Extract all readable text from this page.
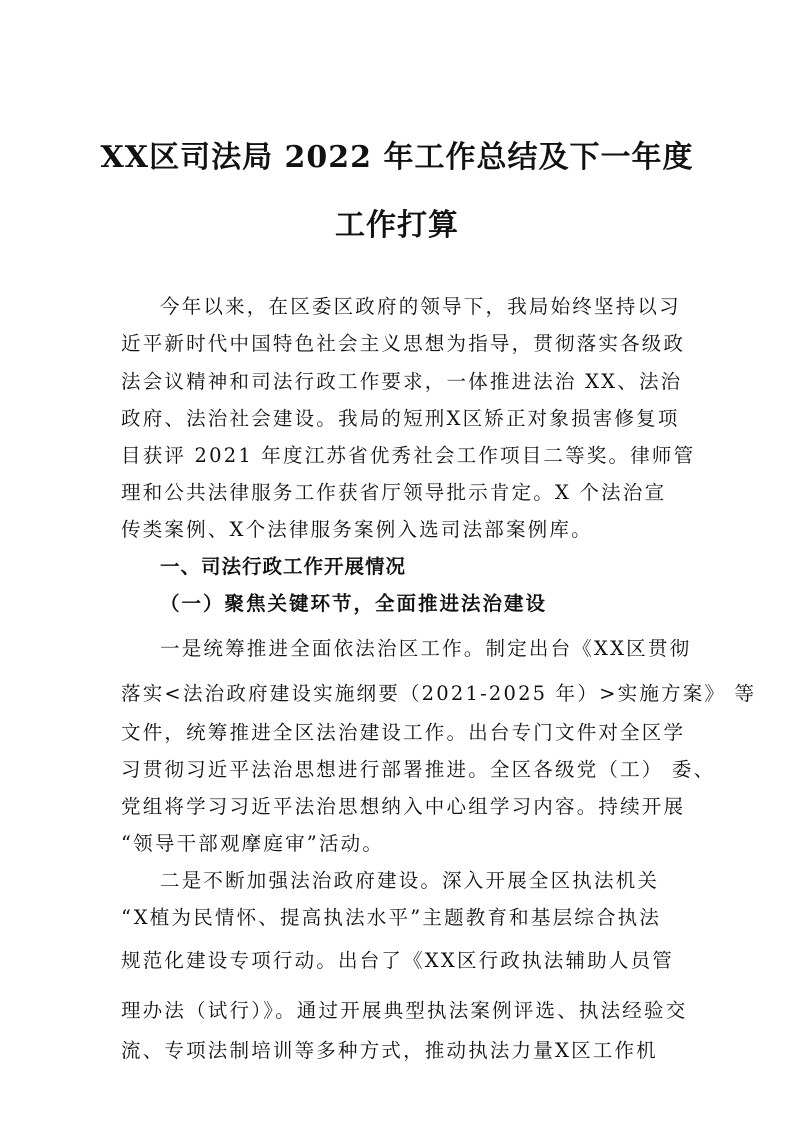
XX区司法局 2022 年工作总结及下一年度
工作打算
今年以来，在区委区政府的领导下，我局始终坚持以习
近平新时代中国特色社会主义思想为指导，贯彻落实各级政
法会议精神和司法行政工作要求，一体推进法治 XX、法治
政府、法治社会建设。我局的短刑X区矫正对象损害修复项
目获评 2021 年度江苏省优秀社会工作项目二等奖。律师管
理和公共法律服务工作获省厅领导批示肯定。X 个法治宣
传类案例、X个法律服务案例入选司法部案例库。
一、司法行政工作开展情况
（一）聚焦关键环节，全面推进法治建设
一是统筹推进全面依法治区工作。制定出台《XX区贯彻
落实<法治政府建设实施纲要（2021-2025 年）>实施方案》 等
文件，统筹推进全区法治建设工作。出台专门文件对全区学
习贯彻习近平法治思想进行部署推进。全区各级党（工） 委、
党组将学习习近平法治思想纳入中心组学习内容。持续开展
“领导干部观摩庭审”活动。
二是不断加强法治政府建设。深入开展全区执法机关
“X植为民情怀、提高执法水平”主题教育和基层综合执法
规范化建设专项行动。出台了《XX区行政执法辅助人员管
理办法（试行）》。通过开展典型执法案例评选、执法经验交
流、专项法制培训等多种方式，推动执法力量X区工作机
